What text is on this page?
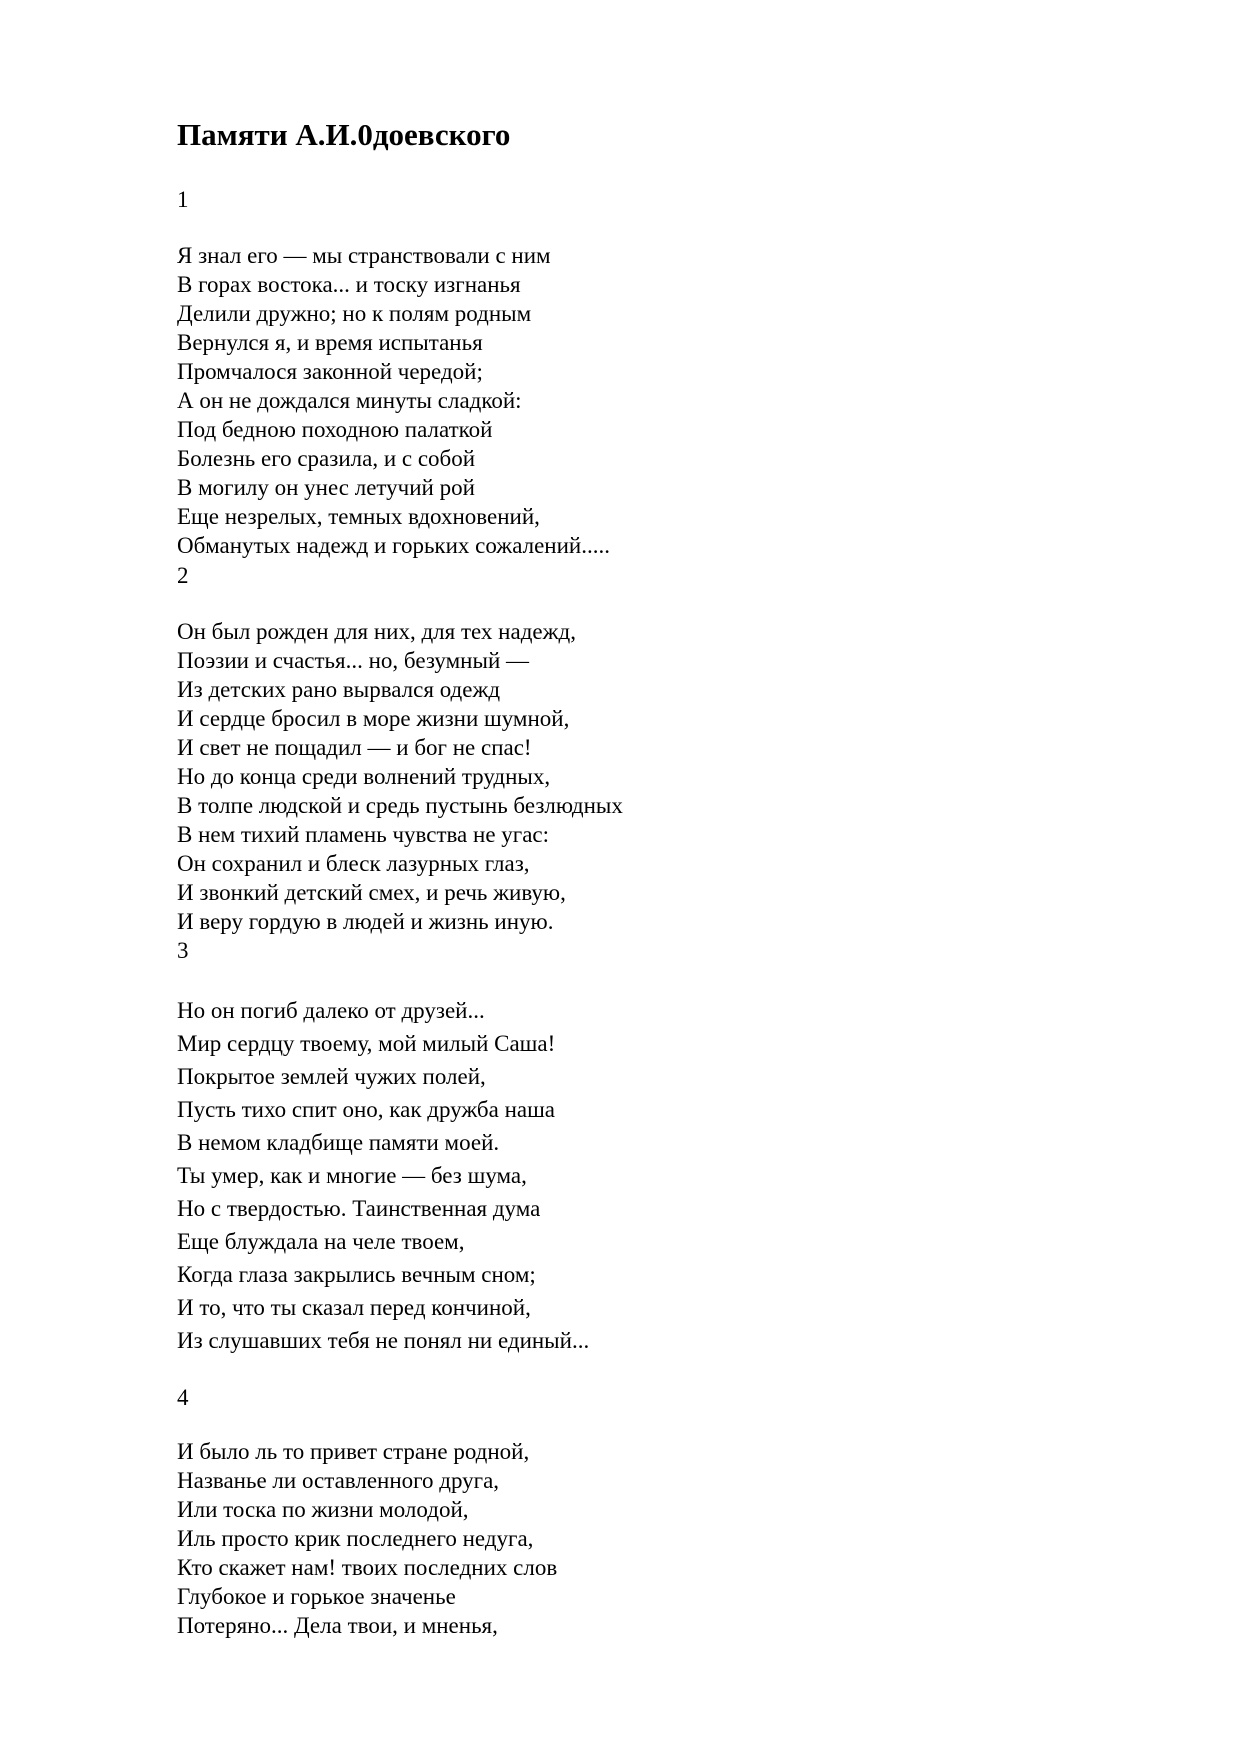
Памяти А.И.0доевского
1
Я знал его — мы странствовали с ним
В горах востока... и тоску изгнанья
Делили дружно; но к полям родным
Вернулся я, и время испытанья
Промчалося законной чередой;
А он не дождался минуты сладкой:
Под бедною походною палаткой
Болезнь его сразила, и с собой
В могилу он унес летучий рой
Еще незрелых, темных вдохновений,
Обманутых надежд и горьких сожалений.....
2
Он был рожден для них, для тех надежд,
Поэзии и счастья... но, безумный —
Из детских рано вырвался одежд
И сердце бросил в море жизни шумной,
И свет не пощадил — и бог не спас!
Но до конца среди волнений трудных,
В толпе людской и средь пустынь безлюдных
В нем тихий пламень чувства не угас:
Он сохранил и блеск лазурных глаз,
И звонкий детский смех, и речь живую,
И веру гордую в людей и жизнь иную.
3
Но он погиб далеко от друзей...
Мир сердцу твоему, мой милый Саша!
Покрытое землей чужих полей,
Пусть тихо спит оно, как дружба наша
В немом кладбище памяти моей.
Ты умер, как и многие — без шума,
Но с твердостью. Таинственная дума
Еще блуждала на челе твоем,
Когда глаза закрылись вечным сном;
И то, что ты сказал перед кончиной,
Из слушавших тебя не понял ни единый...
4
И было ль то привет стране родной,
Названье ли оставленного друга,
Или тоска по жизни молодой,
Иль просто крик последнего недуга,
Кто скажет нам! твоих последних слов
Глубокое и горькое значенье
Потеряно... Дела твои, и мненья,
